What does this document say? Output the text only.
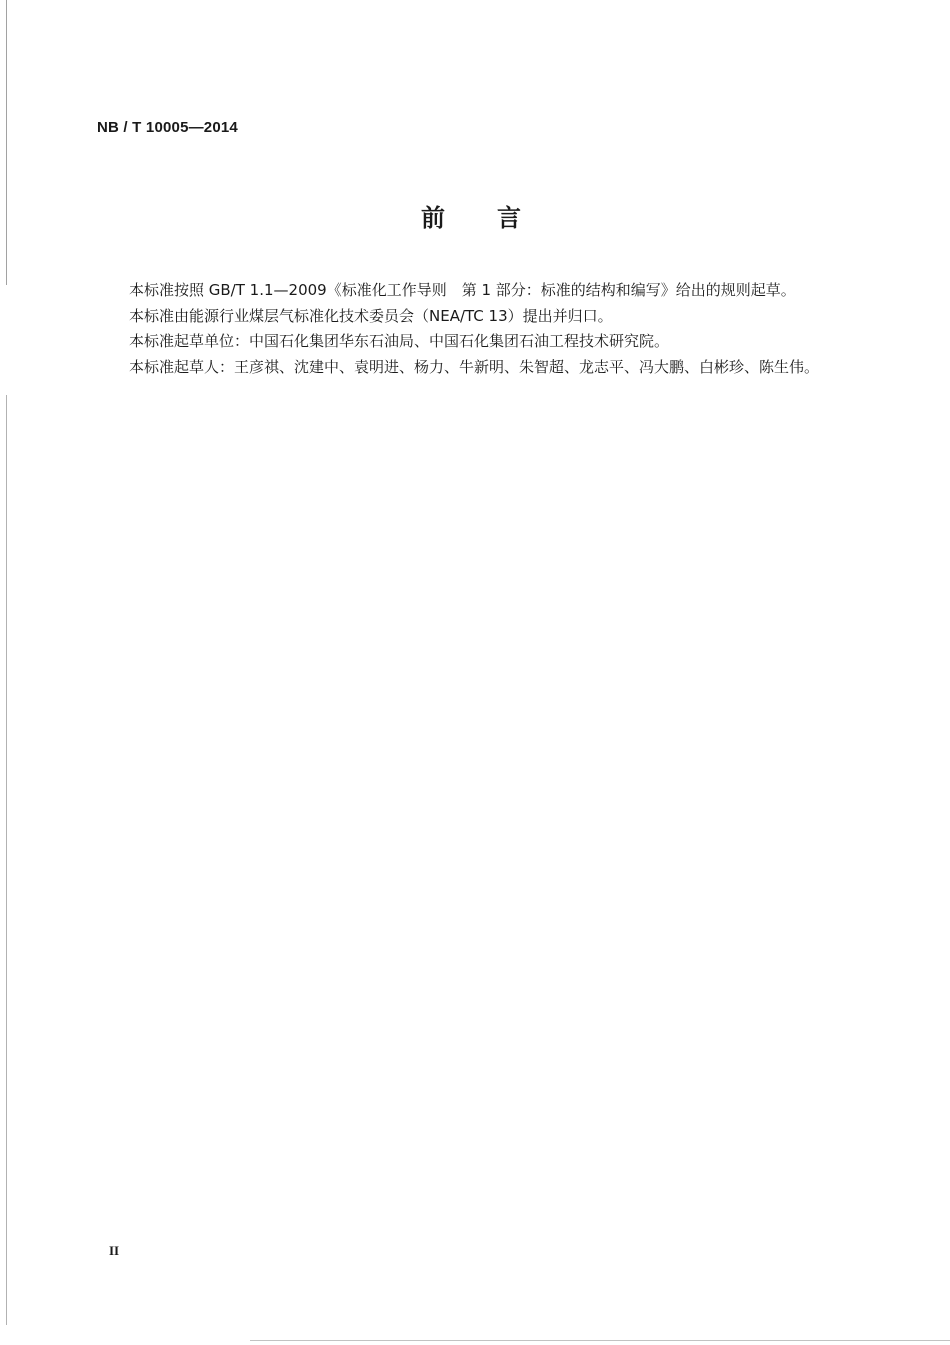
NB / T 10005—2014
前言

本标准按照 GB/T 1.1—2009《标准化工作导则　第 1 部分：标准的结构和编写》给出的规则起草。

本标准由能源行业煤层气标准化技术委员会（NEA/TC 13）提出并归口。

本标准起草单位：中国石化集团华东石油局、中国石化集团石油工程技术研究院。

本标准起草人：王彦祺、沈建中、袁明进、杨力、牛新明、朱智超、龙志平、冯大鹏、白彬珍、陈生伟。

II
